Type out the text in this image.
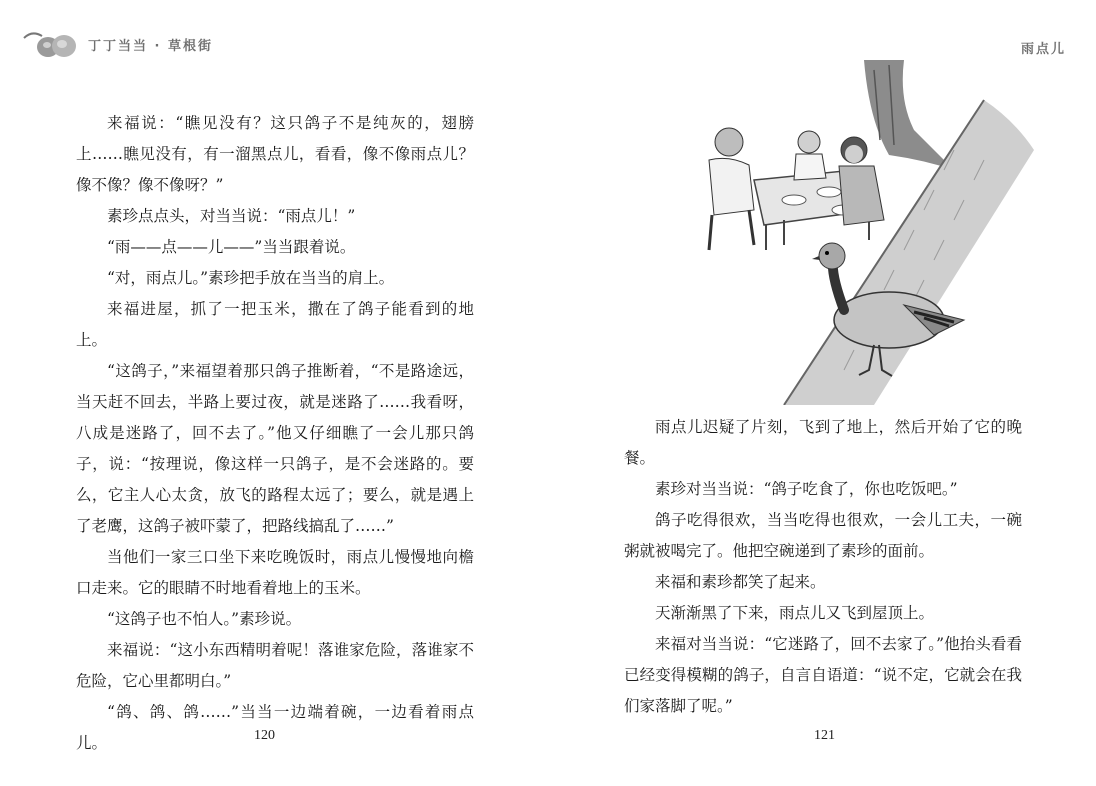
丁丁当当 · 草根街

来福说：“瞧见没有？这只鸽子不是纯灰的，翅膀上……瞧见没有，有一溜黑点儿，看看，像不像雨点儿？像不像？像不像呀？”

素珍点点头，对当当说：“雨点儿！”

“雨——点——儿——”当当跟着说。

“对，雨点儿。”素珍把手放在当当的肩上。

来福进屋，抓了一把玉米，撒在了鸽子能看到的地上。

“这鸽子，”来福望着那只鸽子推断着，“不是路途远，当天赶不回去，半路上要过夜，就是迷路了……我看呀，八成是迷路了，回不去了。”他又仔细瞧了一会儿那只鸽子，说：“按理说，像这样一只鸽子，是不会迷路的。要么，它主人心太贪，放飞的路程太远了；要么，就是遇上了老鹰，这鸽子被吓蒙了，把路线搞乱了……”

当他们一家三口坐下来吃晚饭时，雨点儿慢慢地向檐口走来。它的眼睛不时地看着地上的玉米。

“这鸽子也不怕人。”素珍说。

来福说：“这小东西精明着呢！落谁家危险，落谁家不危险，它心里都明白。”

“鸽、鸽、鸽……”当当一边端着碗，一边看着雨点儿。	120
雨点儿

雨点儿迟疑了片刻，飞到了地上，然后开始了它的晚餐。

素珍对当当说：“鸽子吃食了，你也吃饭吧。”

鸽子吃得很欢，当当吃得也很欢，一会儿工夫，一碗粥就被喝完了。他把空碗递到了素珍的面前。

来福和素珍都笑了起来。

天渐渐黑了下来，雨点儿又飞到屋顶上。

来福对当当说：“它迷路了，回不去家了。”他抬头看看已经变得模糊的鸽子，自言自语道：“说不定，它就会在我们家落脚了呢。”

121
